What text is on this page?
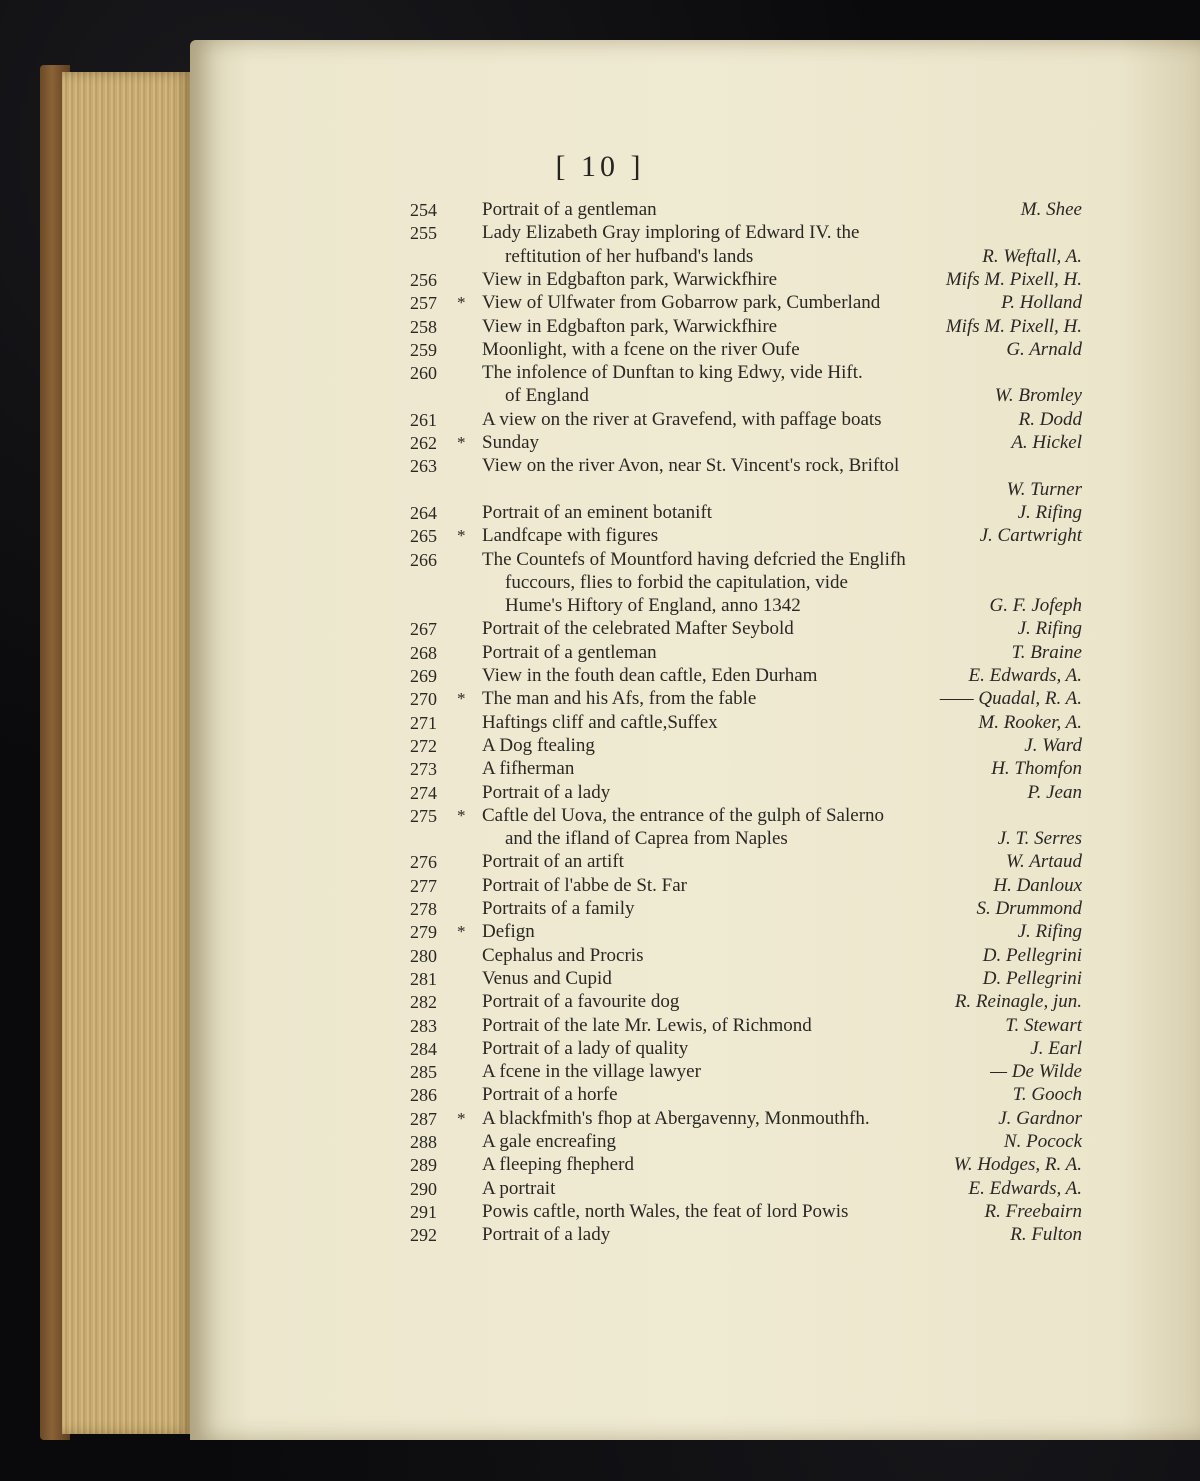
[ 10 ]
254	Portrait of a gentleman	M. Shee
255	Lady Elizabeth Gray imploring of Edward IV. the
reftitution of her hufband's lands	R. Weftall, A.
256	View in Edgbafton park, Warwickfhire	Mifs M. Pixell, H.
257	* View of Ulfwater from Gobarrow park, Cumberland	P. Holland
258	View in Edgbafton park, Warwickfhire	Mifs M. Pixell, H.
259	Moonlight, with a fcene on the river Oufe	G. Arnald
260	The infolence of Dunftan to king Edwy, vide Hift.
of England	W. Bromley
261	A view on the river at Gravefend, with paffage boats	R. Dodd
262	* Sunday	A. Hickel
263	View on the river Avon, near St. Vincent's rock, Briftol
W. Turner
264	Portrait of an eminent botanift	J. Rifing
265	* Landfcape with figures	J. Cartwright
266	The Countefs of Mountford having defcried the Englifh
fuccours, flies to forbid the capitulation, vide
Hume's Hiftory of England, anno 1342	G. F. Jofeph
267	Portrait of the celebrated Mafter Seybold	J. Rifing
268	Portrait of a gentleman	T. Braine
269	View in the fouth dean caftle, Eden Durham	E. Edwards, A.
270	* The man and his Afs, from the fable	—— Quadal, R. A.
271	Haftings cliff and caftle,Suffex	M. Rooker, A.
272	A Dog ftealing	J. Ward
273	A fifherman	H. Thomfon
274	Portrait of a lady	P. Jean
275	* Caftle del Uova, the entrance of the gulph of Salerno
and the ifland of Caprea from Naples	J. T. Serres
276	Portrait of an artift	W. Artaud
277	Portrait of l'abbe de St. Far	H. Danloux
278	Portraits of a family	S. Drummond
279	* Defign	J. Rifing
280	Cephalus and Procris	D. Pellegrini
281	Venus and Cupid	D. Pellegrini
282	Portrait of a favourite dog	R. Reinagle, jun.
283	Portrait of the late Mr. Lewis, of Richmond	T. Stewart
284	Portrait of a lady of quality	J. Earl
285	A fcene in the village lawyer	— De Wilde
286	Portrait of a horfe	T. Gooch
287	* A blackfmith's fhop at Abergavenny, Monmouthfh.	J. Gardnor
288	A gale encreafing	N. Pocock
289	A fleeping fhepherd	W. Hodges, R. A.
290	A portrait	E. Edwards, A.
291	Powis caftle, north Wales, the feat of lord Powis	R. Freebairn
292	Portrait of a lady	R. Fulton
